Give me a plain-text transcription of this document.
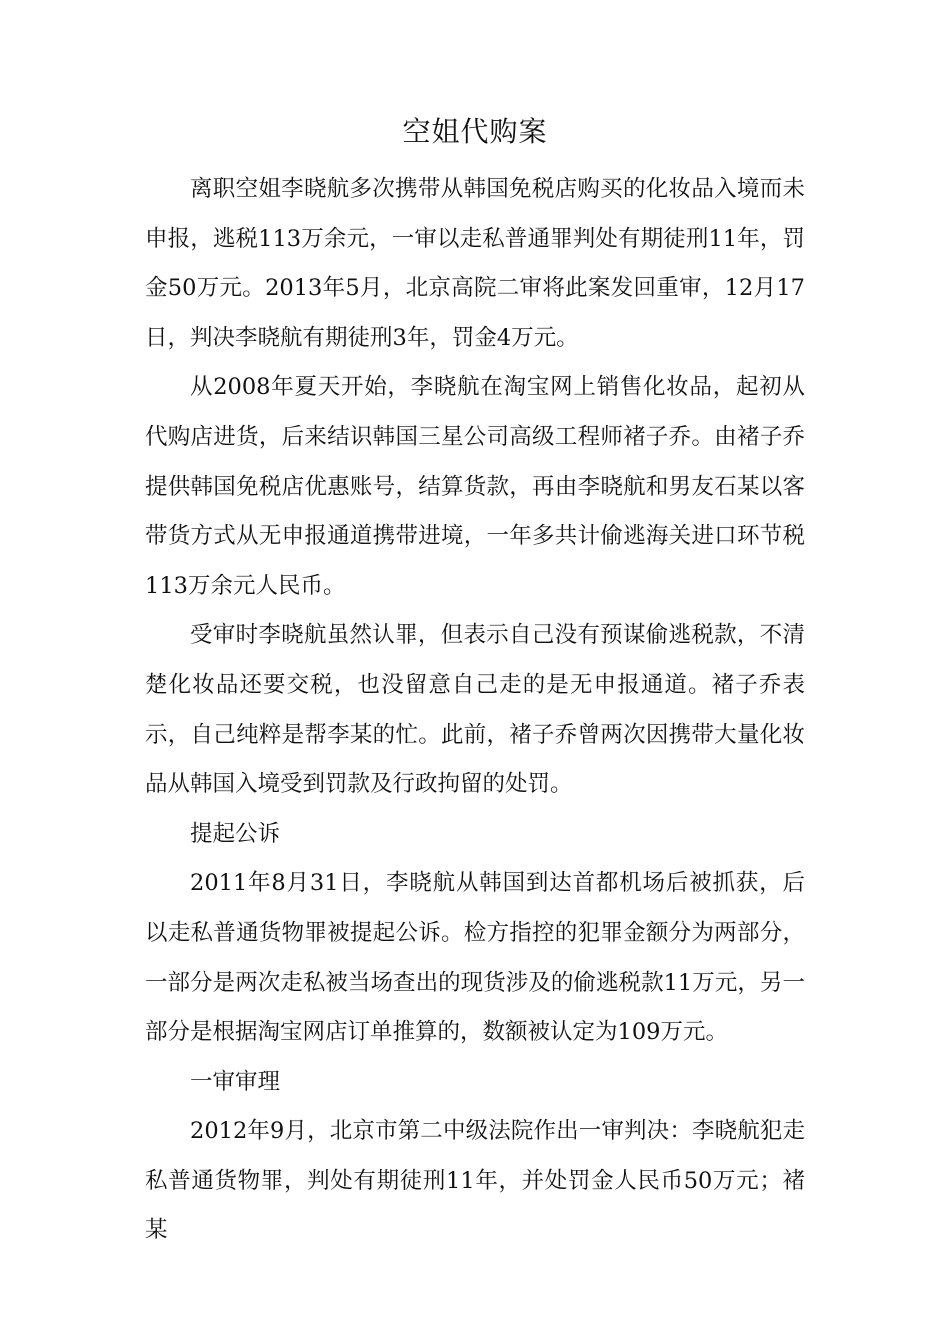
空姐代购案

离职空姐李晓航多次携带从韩国免税店购买的化妆品入境而未申报，逃税113万余元，一审以走私普通罪判处有期徒刑11年，罚金50万元。2013年5月，北京高院二审将此案发回重审，12月17日，判决李晓航有期徒刑3年，罚金4万元。

从2008年夏天开始，李晓航在淘宝网上销售化妆品，起初从代购店进货，后来结识韩国三星公司高级工程师褚子乔。由褚子乔提供韩国免税店优惠账号，结算货款，再由李晓航和男友石某以客带货方式从无申报通道携带进境，一年多共计偷逃海关进口环节税113万余元人民币。

受审时李晓航虽然认罪，但表示自己没有预谋偷逃税款，不清楚化妆品还要交税，也没留意自己走的是无申报通道。褚子乔表示，自己纯粹是帮李某的忙。此前，褚子乔曾两次因携带大量化妆品从韩国入境受到罚款及行政拘留的处罚。

提起公诉

2011年8月31日，李晓航从韩国到达首都机场后被抓获，后以走私普通货物罪被提起公诉。检方指控的犯罪金额分为两部分，一部分是两次走私被当场查出的现货涉及的偷逃税款11万元，另一部分是根据淘宝网店订单推算的，数额被认定为109万元。

一审审理

2012年9月，北京市第二中级法院作出一审判决：李晓航犯走私普通货物罪，判处有期徒刑11年，并处罚金人民币50万元；褚某
